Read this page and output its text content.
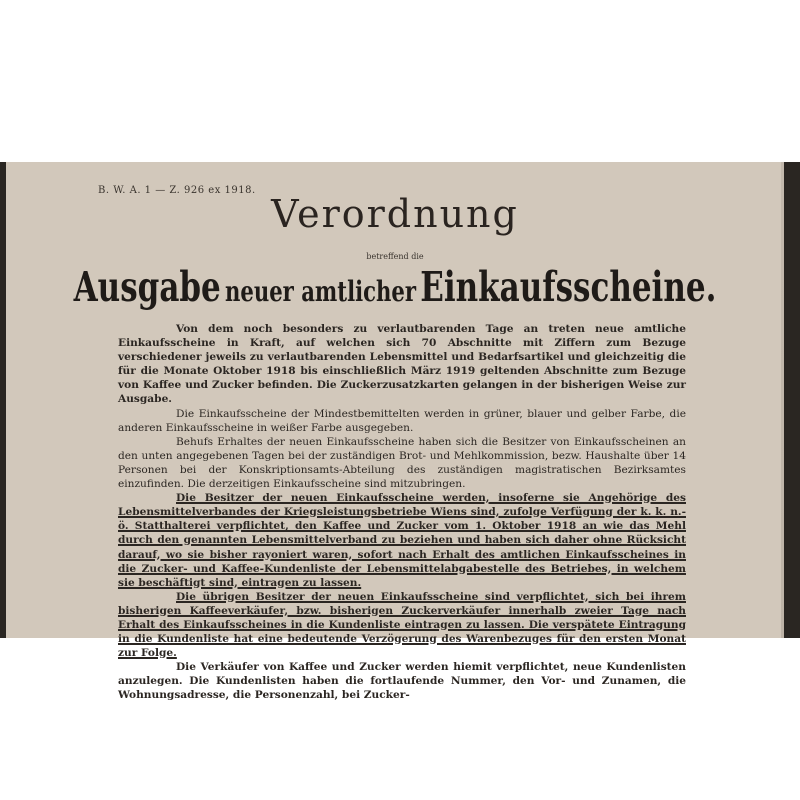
B. W. A. 1 — Z. 926 ex 1918.
Verordnung
betreffend die
Ausgabe neuer amtlicher Einkaufsscheine.

Von dem noch besonders zu verlautbarenden Tage an treten neue amtliche Einkaufsscheine in Kraft, auf welchen sich 70 Abschnitte mit Ziffern zum Bezuge verschiedener jeweils zu verlautbarenden Lebensmittel und Bedarfsartikel und gleichzeitig die für die Monate Oktober 1918 bis einschließlich März 1919 geltenden Abschnitte zum Bezuge von Kaffee und Zucker befinden. Die Zuckerzusatzkarten gelangen in der bisherigen Weise zur Ausgabe.

Die Einkaufsscheine der Mindestbemittelten werden in grüner, blauer und gelber Farbe, die anderen Einkaufsscheine in weißer Farbe ausgegeben.

Behufs Erhaltes der neuen Einkaufsscheine haben sich die Besitzer von Einkaufsscheinen an den unten angegebenen Tagen bei der zuständigen Brot- und Mehlkommission, bezw. Haushalte über 14 Personen bei der Konskriptionsamts-Abteilung des zuständigen magistratischen Bezirksamtes einzufinden. Die derzeitigen Einkaufsscheine sind mitzubringen.

Die Besitzer der neuen Einkaufsscheine werden, insoferne sie Angehörige des Lebensmittelverbandes der Kriegsleistungsbetriebe Wiens sind, zufolge Verfügung der k. k. n.-ö. Statthalterei verpflichtet, den Kaffee und Zucker vom 1. Oktober 1918 an wie das Mehl durch den genannten Lebensmittelverband zu beziehen und haben sich daher ohne Rücksicht darauf, wo sie bisher rayoniert waren, sofort nach Erhalt des amtlichen Einkaufsscheines in die Zucker- und Kaffee-Kundenliste der Lebensmittelabgabestelle des Betriebes, in welchem sie beschäftigt sind, eintragen zu lassen.

Die übrigen Besitzer der neuen Einkaufsscheine sind verpflichtet, sich bei ihrem bisherigen Kaffeeverkäufer, bzw. bisherigen Zuckerverkäufer innerhalb zweier Tage nach Erhalt des Einkaufsscheines in die Kundenliste eintragen zu lassen. Die verspätete Eintragung in die Kundenliste hat eine bedeutende Verzögerung des Warenbezuges für den ersten Monat zur Folge.

Die Verkäufer von Kaffee und Zucker werden hiemit verpflichtet, neue Kundenlisten anzulegen. Die Kundenlisten haben die fortlaufende Nummer, den Vor- und Zunamen, die Wohnungsadresse, die Personenzahl, bei Zucker-
